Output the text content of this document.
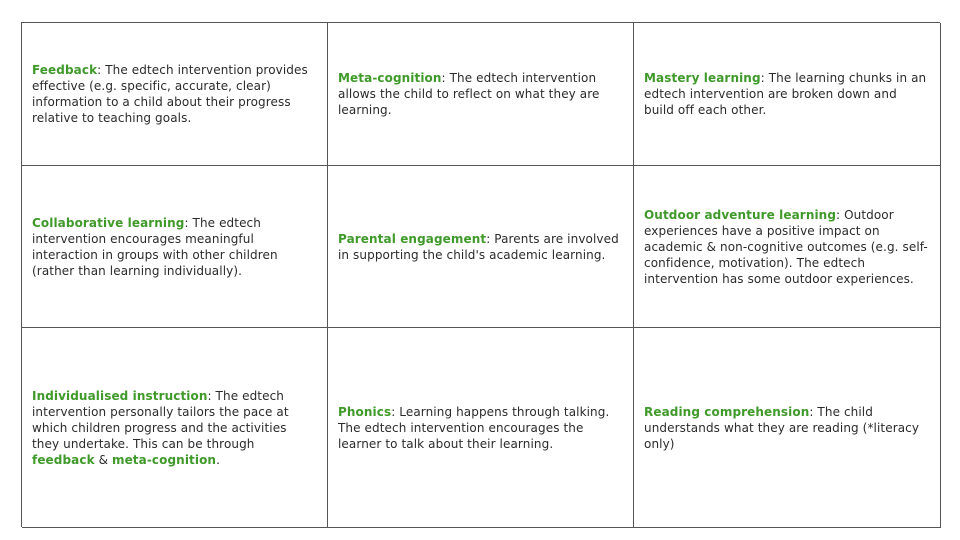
Feedback: The edtech intervention provides effective (e.g. specific, accurate, clear) information to a child about their progress relative to teaching goals.

Meta-cognition: The edtech intervention allows the child to reflect on what they are learning.

Mastery learning: The learning chunks in an edtech intervention are broken down and build off each other.

Collaborative learning: The edtech intervention encourages meaningful interaction in groups with other children (rather than learning individually).

Parental engagement: Parents are involved in supporting the child's academic learning.

Outdoor adventure learning: Outdoor experiences have a positive impact on academic & non-cognitive outcomes (e.g. self-confidence, motivation). The edtech intervention has some outdoor experiences.

Individualised instruction: The edtech intervention personally tailors the pace at which children progress and the activities they undertake. This can be through feedback & meta-cognition.

Phonics: Learning happens through talking. The edtech intervention encourages the learner to talk about their learning.

Reading comprehension: The child understands what they are reading (*literacy only)
